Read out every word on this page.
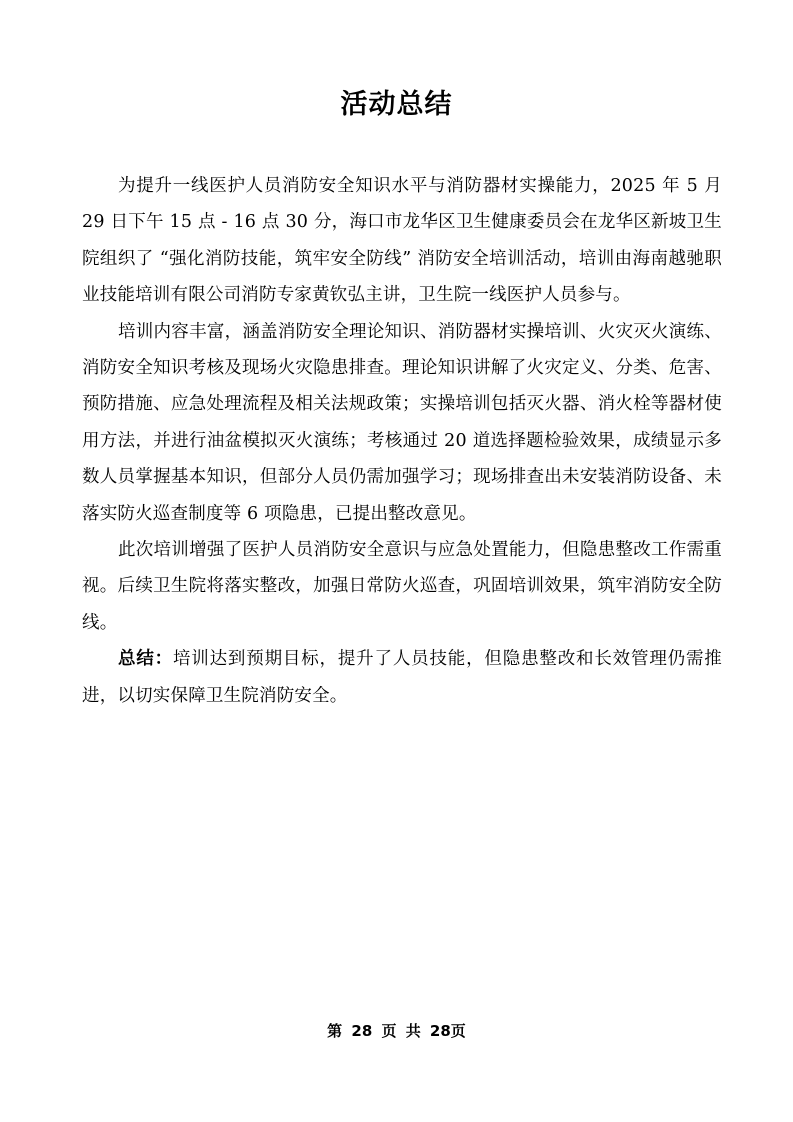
活动总结

为提升一线医护人员消防安全知识水平与消防器材实操能力，2025 年 5 月 29 日下午 15 点 - 16 点 30 分，海口市龙华区卫生健康委员会在龙华区新坡卫生院组织了 “强化消防技能，筑牢安全防线” 消防安全培训活动，培训由海南越驰职业技能培训有限公司消防专家黄钦弘主讲，卫生院一线医护人员参与。

培训内容丰富，涵盖消防安全理论知识、消防器材实操培训、火灾灭火演练、消防安全知识考核及现场火灾隐患排查。理论知识讲解了火灾定义、分类、危害、预防措施、应急处理流程及相关法规政策；实操培训包括灭火器、消火栓等器材使用方法，并进行油盆模拟灭火演练；考核通过 20 道选择题检验效果，成绩显示多数人员掌握基本知识，但部分人员仍需加强学习；现场排查出未安装消防设备、未落实防火巡查制度等 6 项隐患，已提出整改意见。

此次培训增强了医护人员消防安全意识与应急处置能力，但隐患整改工作需重视。后续卫生院将落实整改，加强日常防火巡查，巩固培训效果，筑牢消防安全防线。

总结：培训达到预期目标，提升了人员技能，但隐患整改和长效管理仍需推进，以切实保障卫生院消防安全。

第 28 页 共 28页
